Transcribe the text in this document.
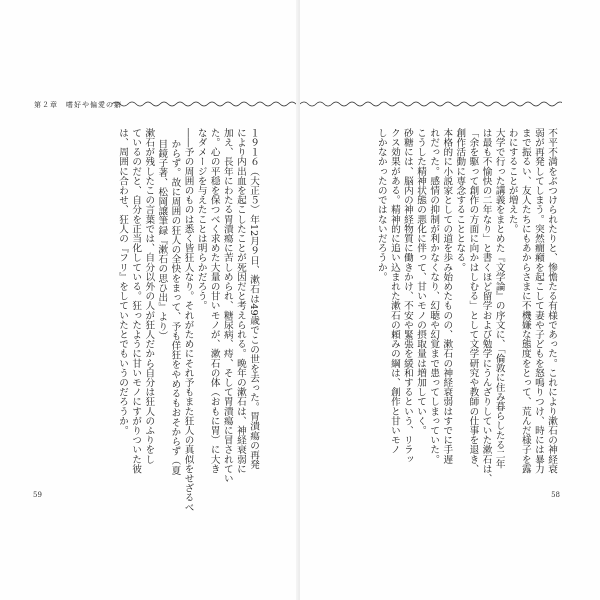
第２章　嗜好や偏愛の癖
１９１６（大正５）年12月９日、漱石は49歳でこの世を去った。胃潰瘍の再発
により内出血を起こしたことが死因だと考えられる。晩年の漱石は、神経衰弱に
加え、長年にわたる胃潰瘍に苦しめられ、糖尿病、痔、そして胃潰瘍に冒されてい
た。心の平穏を保つべく求めた大量の甘いモノが、漱石の体（おもに胃）に大き
なダメージを与えたことは明らかだろう。
――予の周囲のものは悉く皆狂人なり。それがためにそれ予もまた狂人の真似をせざるべ
からず。故に周囲の狂人の全快をまって、予も佯狂をやめるもおそからず（夏
目鏡子著、松岡譲筆録『漱石の思ひ出』より）
漱石が残したこの言葉では、自分以外の人が狂人だから自分は狂人のふりをし
ているのだと、自分を正当化している。狂ったように甘いモノにすがりついた彼
は、周囲に合わせ、狂人の『フリ』をしていたとでもいうのだろうか。
59
不平不満をぶつけられたりと、惨憺たる有様であった。これにより漱石の神経衰
弱が再発してしまう。突然癇癪を起こして妻や子どもを怒鳴りつけ、時には暴力
まで振るい、友人たちにもあからさまに不機嫌な態度をとって、荒んだ様子を露
わにすることが増えた。
大学で行った講義をまとめた『文学論』の序文に、「倫敦に住み暮らしたる二年
は最も不愉快の二年なり」と書くほど留学および勉学にうんざりしていた漱石は、
「余を駆って創作の方面に向かはしむる」として文学研究や教師の仕事を退き、
創作活動に専念することとなる。
本格的に小説家としての道を歩み始めたものの、漱石の神経衰弱はすでに手遅
れだった。感情の抑制が利かなくなり、幻聴や幻覚まで患ってしまっていた。
こうした精神状態の悪化に伴って、甘いモノの摂取量は増加していく。
砂糖には、脳内の神経物質に働きかけ、不安や緊張を緩和するという、リラッ
クス効果がある。精神的に追い込まれた漱石の頼みの綱は、創作と甘いモノ
しかなかったのではないだろうか。
58
